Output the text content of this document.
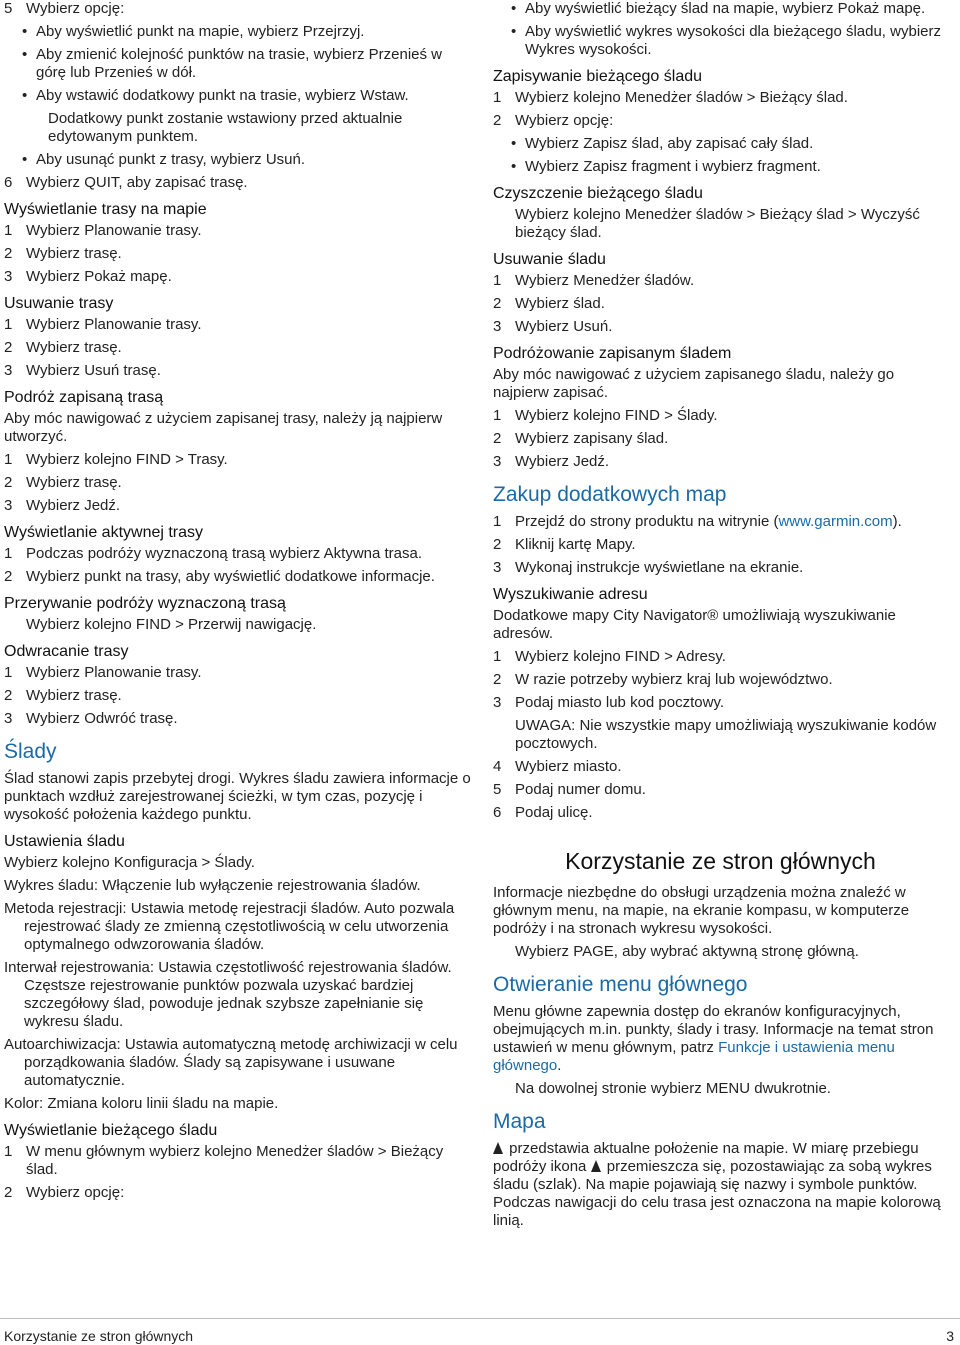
5 Wybierz opcję:
• Aby wyświetlić punkt na mapie, wybierz Przejrzyj.
• Aby zmienić kolejność punktów na trasie, wybierz Przenieś w górę lub Przenieś w dół.
• Aby wstawić dodatkowy punkt na trasie, wybierz Wstaw.
Dodatkowy punkt zostanie wstawiony przed aktualnie edytowanym punktem.
• Aby usunąć punkt z trasy, wybierz Usuń.
6 Wybierz QUIT, aby zapisać trasę.
Wyświetlanie trasy na mapie
1 Wybierz Planowanie trasy.
2 Wybierz trasę.
3 Wybierz Pokaż mapę.
Usuwanie trasy
1 Wybierz Planowanie trasy.
2 Wybierz trasę.
3 Wybierz Usuń trasę.
Podróż zapisaną trasą
Aby móc nawigować z użyciem zapisanej trasy, należy ją najpierw utworzyć.
1 Wybierz kolejno FIND > Trasy.
2 Wybierz trasę.
3 Wybierz Jedź.
Wyświetlanie aktywnej trasy
1 Podczas podróży wyznaczoną trasą wybierz Aktywna trasa.
2 Wybierz punkt na trasy, aby wyświetlić dodatkowe informacje.
Przerywanie podróży wyznaczoną trasą
Wybierz kolejno FIND > Przerwij nawigację.
Odwracanie trasy
1 Wybierz Planowanie trasy.
2 Wybierz trasę.
3 Wybierz Odwróć trasę.
Ślady
Ślad stanowi zapis przebytej drogi. Wykres śladu zawiera informacje o punktach wzdłuż zarejestrowanej ścieżki, w tym czas, pozycję i wysokość położenia każdego punktu.
Ustawienia śladu
Wybierz kolejno Konfiguracja > Ślady.
Wykres śladu: Włączenie lub wyłączenie rejestrowania śladów.
Metoda rejestracji: Ustawia metodę rejestracji śladów. Auto pozwala rejestrować ślady ze zmienną częstotliwością w celu utworzenia optymalnego odwzorowania śladów.
Interwał rejestrowania: Ustawia częstotliwość rejestrowania śladów. Częstsze rejestrowanie punktów pozwala uzyskać bardziej szczegółowy ślad, powoduje jednak szybsze zapełnianie się wykresu śladu.
Autoarchiwizacja: Ustawia automatyczną metodę archiwizacji w celu porządkowania śladów. Ślady są zapisywane i usuwane automatycznie.
Kolor: Zmiana koloru linii śladu na mapie.
Wyświetlanie bieżącego śladu
1 W menu głównym wybierz kolejno Menedżer śladów > Bieżący ślad.
2 Wybierz opcję:
• Aby wyświetlić bieżący ślad na mapie, wybierz Pokaż mapę.
• Aby wyświetlić wykres wysokości dla bieżącego śladu, wybierz Wykres wysokości.
Zapisywanie bieżącego śladu
1 Wybierz kolejno Menedżer śladów > Bieżący ślad.
2 Wybierz opcję:
• Wybierz Zapisz ślad, aby zapisać cały ślad.
• Wybierz Zapisz fragment i wybierz fragment.
Czyszczenie bieżącego śladu
Wybierz kolejno Menedżer śladów > Bieżący ślad > Wyczyść bieżący ślad.
Usuwanie śladu
1 Wybierz Menedżer śladów.
2 Wybierz ślad.
3 Wybierz Usuń.
Podróżowanie zapisanym śladem
Aby móc nawigować z użyciem zapisanego śladu, należy go najpierw zapisać.
1 Wybierz kolejno FIND > Ślady.
2 Wybierz zapisany ślad.
3 Wybierz Jedź.
Zakup dodatkowych map
1 Przejdź do strony produktu na witrynie (www.garmin.com).
2 Kliknij kartę Mapy.
3 Wykonaj instrukcje wyświetlane na ekranie.
Wyszukiwanie adresu
Dodatkowe mapy City Navigator® umożliwiają wyszukiwanie adresów.
1 Wybierz kolejno FIND > Adresy.
2 W razie potrzeby wybierz kraj lub województwo.
3 Podaj miasto lub kod pocztowy.
UWAGA: Nie wszystkie mapy umożliwiają wyszukiwanie kodów pocztowych.
4 Wybierz miasto.
5 Podaj numer domu.
6 Podaj ulicę.
Korzystanie ze stron głównych
Informacje niezbędne do obsługi urządzenia można znaleźć w głównym menu, na mapie, na ekranie kompasu, w komputerze podróży i na stronach wykresu wysokości.
Wybierz PAGE, aby wybrać aktywną stronę główną.
Otwieranie menu głównego
Menu główne zapewnia dostęp do ekranów konfiguracyjnych, obejmujących m.in. punkty, ślady i trasy. Informacje na temat stron ustawień w menu głównym, patrz Funkcje i ustawienia menu głównego.
Na dowolnej stronie wybierz MENU dwukrotnie.
Mapa
przedstawia aktualne położenie na mapie. W miarę przebiegu podróży ikona  przemieszcza się, pozostawiając za sobą wykres śladu (szlak). Na mapie pojawiają się nazwy i symbole punktów. Podczas nawigacji do celu trasa jest oznaczona na mapie kolorową linią.
Korzystanie ze stron głównych	3
